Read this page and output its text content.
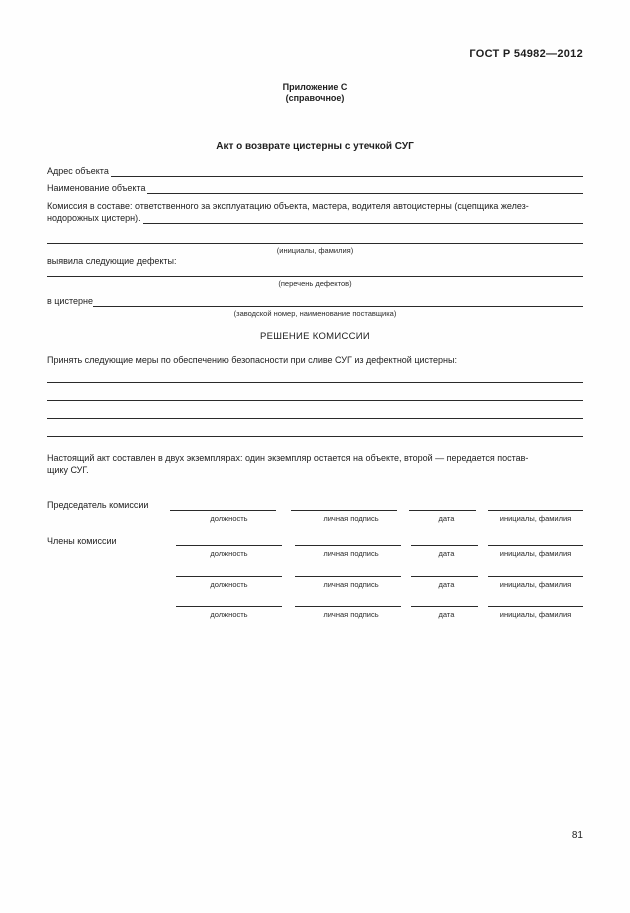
ГОСТ Р 54982—2012
Приложение С
(справочное)
Акт о возврате цистерны с утечкой СУГ
Адрес объекта
Наименование объекта
Комиссия в составе: ответственного за эксплуатацию объекта, мастера, водителя автоцистерны (сцепщика желез-
нодорожных цистерн).
(инициалы, фамилия)
выявила следующие дефекты:
(перечень дефектов)
в цистерне
(заводской номер, наименование поставщика)
РЕШЕНИЕ КОМИССИИ
Принять следующие меры по обеспечению безопасности при сливе СУГ из дефектной цистерны:
Настоящий акт составлен в двух экземплярах: один экземпляр остается на объекте, второй — передается постав-
щику СУГ.
Председатель комиссии
должность	личная подпись	дата	инициалы, фамилия
Члены комиссии
должность	личная подпись	дата	инициалы, фамилия
должность	личная подпись	дата	инициалы, фамилия
должность	личная подпись	дата	инициалы, фамилия
81
